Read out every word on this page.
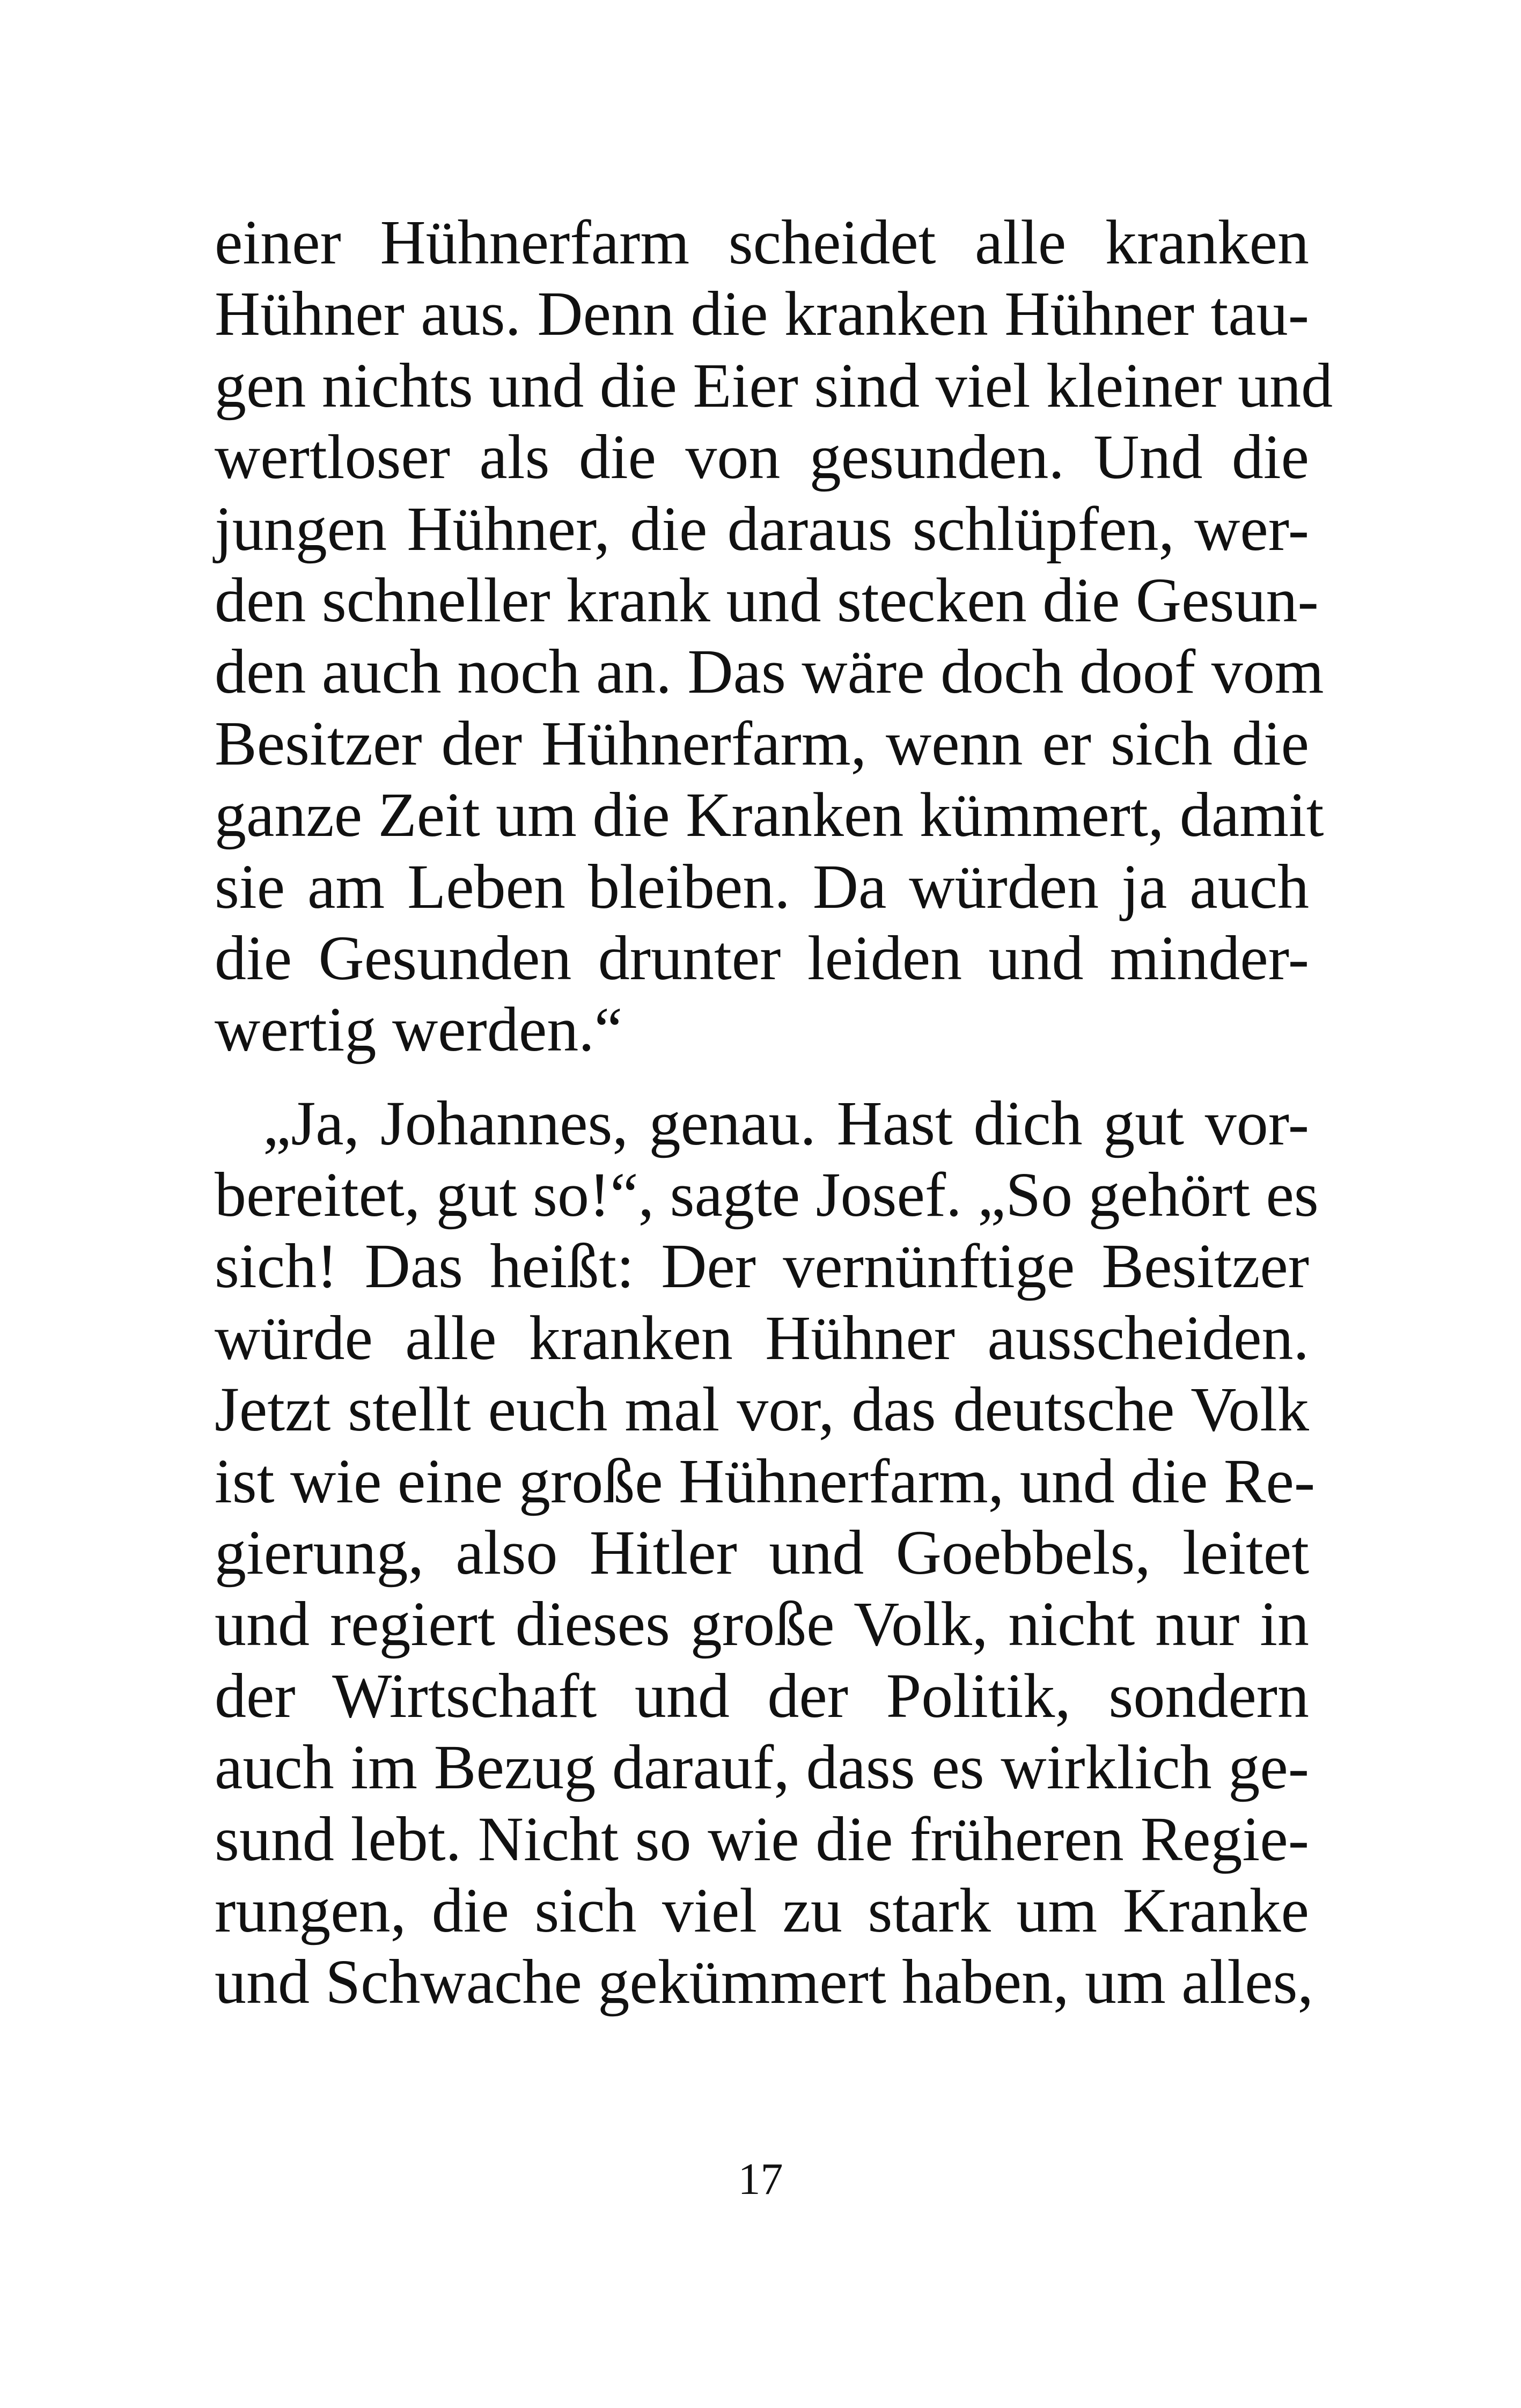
einer Hühnerfarm scheidet alle kranken
Hühner aus. Denn die kranken Hühner tau-
gen nichts und die Eier sind viel kleiner und
wertloser als die von gesunden. Und die
jungen Hühner, die daraus schlüpfen, wer-
den schneller krank und stecken die Gesun-
den auch noch an. Das wäre doch doof vom
Besitzer der Hühnerfarm, wenn er sich die
ganze Zeit um die Kranken kümmert, damit
sie am Leben bleiben. Da würden ja auch
die Gesunden drunter leiden und minder-
wertig werden.“
„Ja, Johannes, genau. Hast dich gut vor-
bereitet, gut so!“, sagte Josef. „So gehört es
sich! Das heißt: Der vernünftige Besitzer
würde alle kranken Hühner ausscheiden.
Jetzt stellt euch mal vor, das deutsche Volk
ist wie eine große Hühnerfarm, und die Re-
gierung, also Hitler und Goebbels, leitet
und regiert dieses große Volk, nicht nur in
der Wirtschaft und der Politik, sondern
auch im Bezug darauf, dass es wirklich ge-
sund lebt. Nicht so wie die früheren Regie-
rungen, die sich viel zu stark um Kranke
und Schwache gekümmert haben, um alles,
17
